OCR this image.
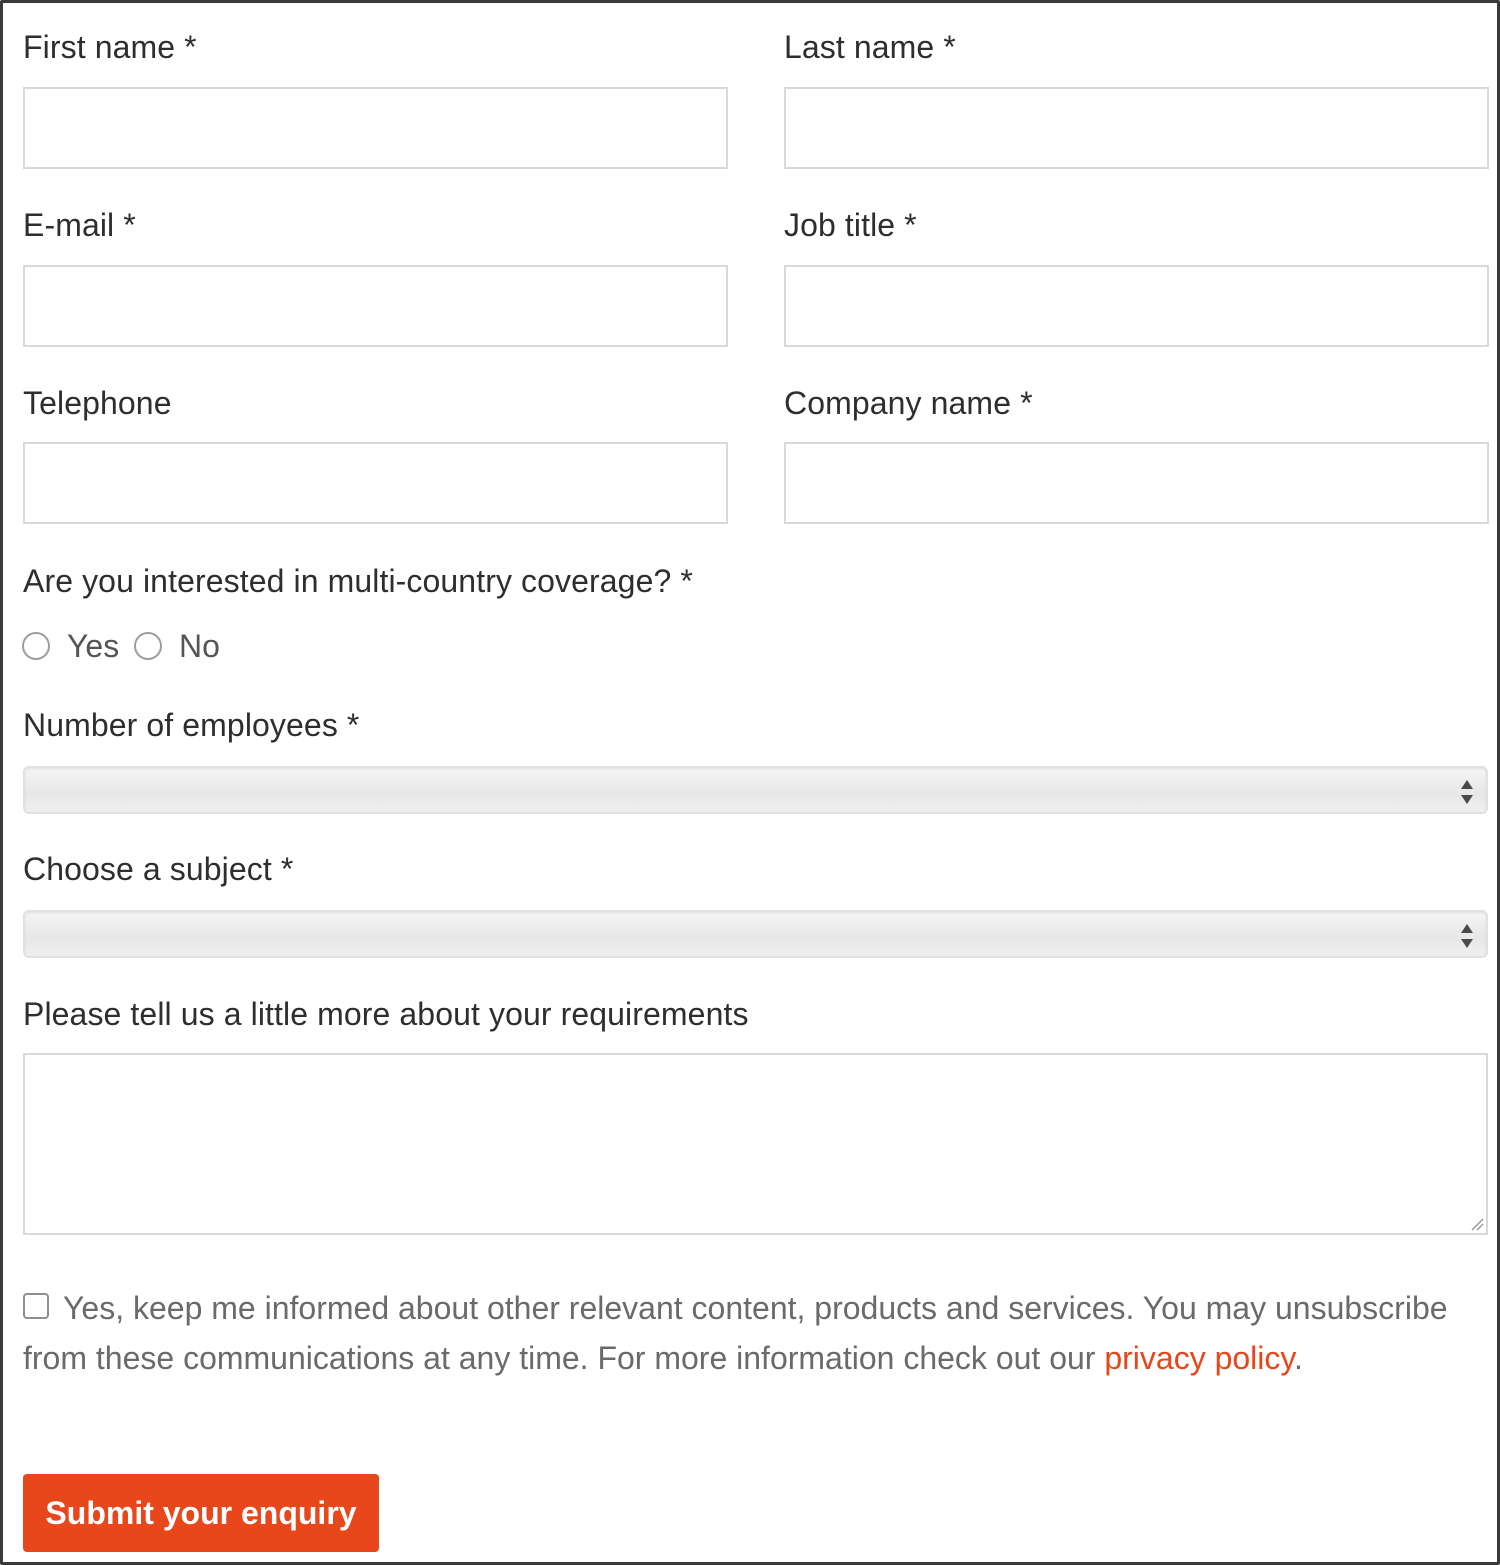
First name *	Last name *
E-mail *	Job title *
Telephone	Company name *
Are you interested in multi-country coverage? *
Yes No
Number of employees *
Choose a subject *
Please tell us a little more about your requirements
Yes, keep me informed about other relevant content, products and services. You may unsubscribe from these communications at any time. For more information check out our privacy policy.
Submit your enquiry
